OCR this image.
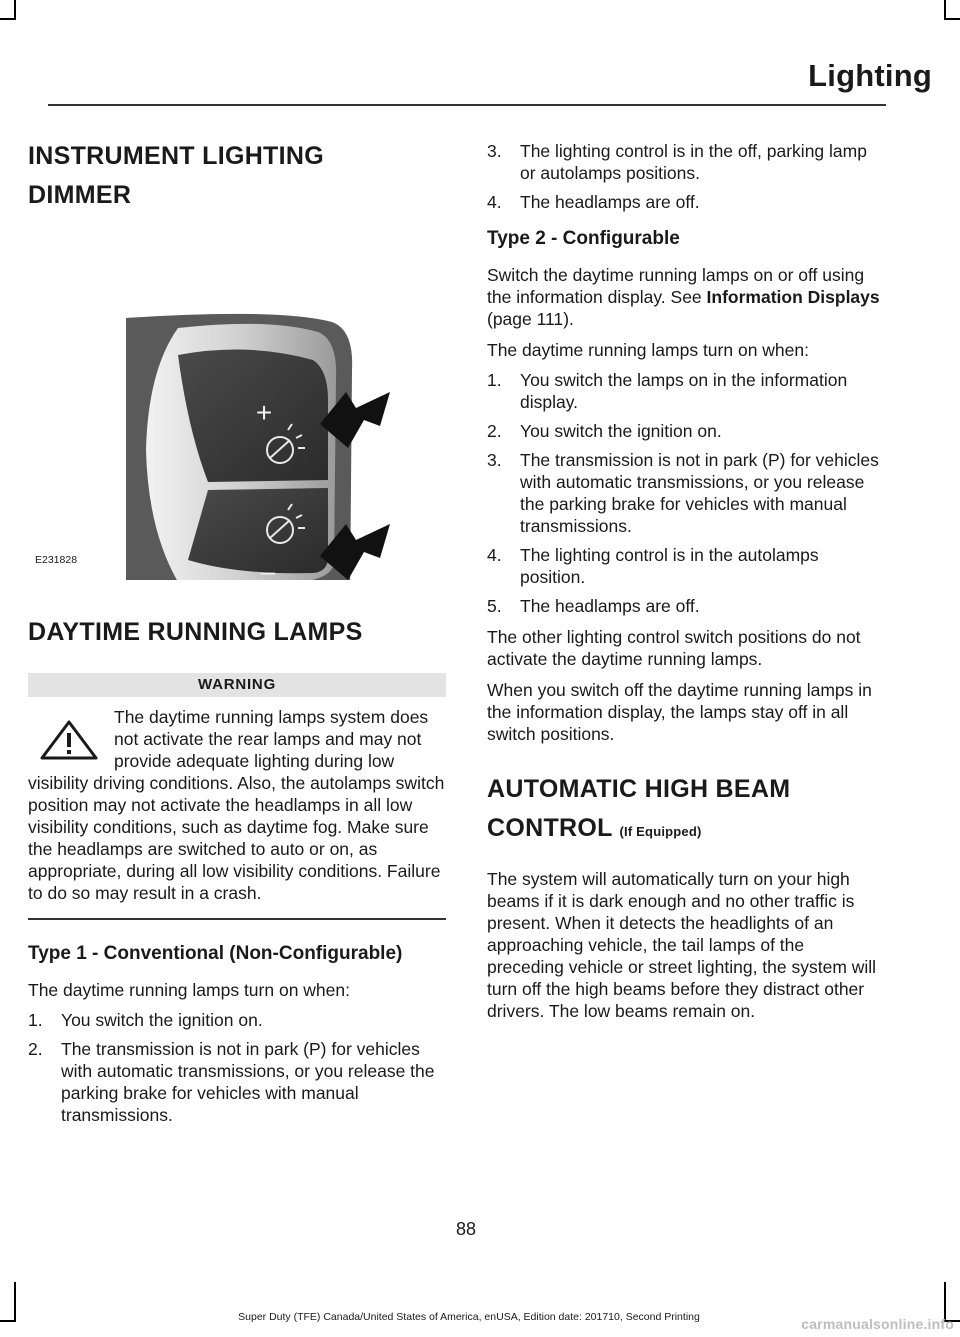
Lighting
INSTRUMENT LIGHTING
DIMMER
+
–
E231828
DAYTIME RUNNING LAMPS
WARNING
The daytime running lamps system does not activate the rear lamps and may not provide adequate lighting during low visibility driving conditions. Also, the autolamps switch position may not activate the headlamps in all low visibility conditions, such as daytime fog. Make sure the headlamps are switched to auto or on, as appropriate, during all low visibility conditions. Failure to do so may result in a crash.
Type 1 - Conventional (Non-Configurable)

The daytime running lamps turn on when:

1. You switch the ignition on.
2. The transmission is not in park (P) for vehicles with automatic transmissions, or you release the parking brake for vehicles with manual transmissions.
3. The lighting control is in the off, parking lamp or autolamps positions.
4. The headlamps are off.
Type 2 - Configurable

Switch the daytime running lamps on or off using the information display. See Information Displays (page 111).

The daytime running lamps turn on when:

1. You switch the lamps on in the information display.
2. You switch the ignition on.
3. The transmission is not in park (P) for vehicles with automatic transmissions, or you release the parking brake for vehicles with manual transmissions.
4. The lighting control is in the autolamps position.
5. The headlamps are off.

The other lighting control switch positions do not activate the daytime running lamps.

When you switch off the daytime running lamps in the information display, the lamps stay off in all switch positions.

AUTOMATIC HIGH BEAM
CONTROL (If Equipped)

The system will automatically turn on your high beams if it is dark enough and no other traffic is present. When it detects the headlights of an approaching vehicle, the tail lamps of the preceding vehicle or street lighting, the system will turn off the high beams before they distract other drivers. The low beams remain on.

88
Super Duty (TFE) Canada/United States of America, enUSA, Edition date: 201710, Second Printing	carmanualsonline.info
